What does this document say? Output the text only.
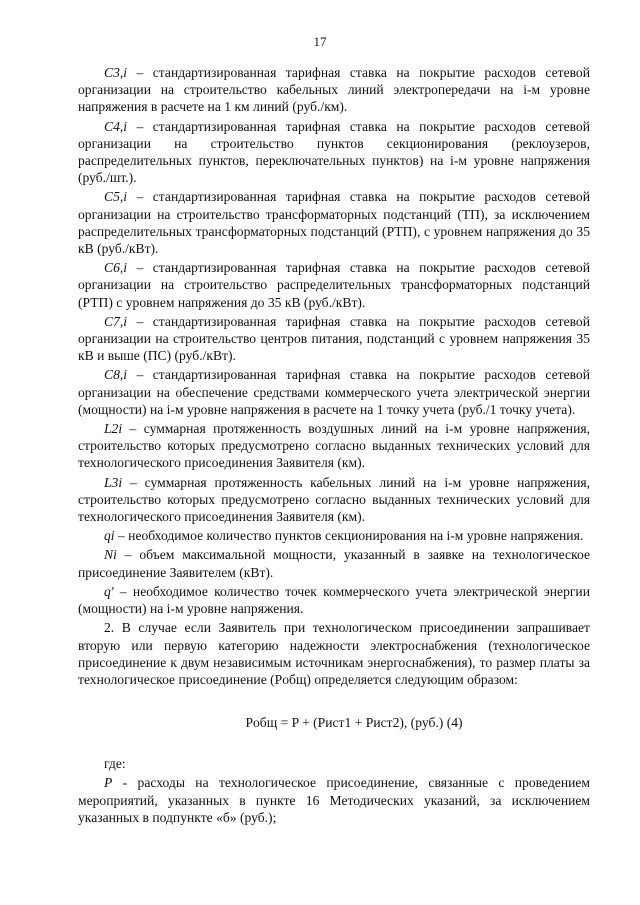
17

C3,i – стандартизированная тарифная ставка на покрытие расходов сетевой организации на строительство кабельных линий электропередачи на i-м уровне напряжения в расчете на 1 км линий (руб./км).

C4,i – стандартизированная тарифная ставка на покрытие расходов сетевой организации на строительство пунктов секционирования (реклоузеров, распределительных пунктов, переключательных пунктов) на i-м уровне напряжения (руб./шт.).

C5,i – стандартизированная тарифная ставка на покрытие расходов сетевой организации на строительство трансформаторных подстанций (ТП), за исключением распределительных трансформаторных подстанций (РТП), с уровнем напряжения до 35 кВ (руб./кВт).

C6,i – стандартизированная тарифная ставка на покрытие расходов сетевой организации на строительство распределительных трансформаторных подстанций (РТП) с уровнем напряжения до 35 кВ (руб./кВт).

C7,i – стандартизированная тарифная ставка на покрытие расходов сетевой организации на строительство центров питания, подстанций с уровнем напряжения 35 кВ и выше (ПС) (руб./кВт).

C8,i – стандартизированная тарифная ставка на покрытие расходов сетевой организации на обеспечение средствами коммерческого учета электрической энергии (мощности) на i-м уровне напряжения в расчете на 1 точку учета (руб./1 точку учета).

L2i – суммарная протяженность воздушных линий на i-м уровне напряжения, строительство которых предусмотрено согласно выданных технических условий для технологического присоединения Заявителя (км).

L3i – суммарная протяженность кабельных линий на i-м уровне напряжения, строительство которых предусмотрено согласно выданных технических условий для технологического присоединения Заявителя (км).

qi – необходимое количество пунктов секционирования на i-м уровне напряжения.

Ni – объем максимальной мощности, указанный в заявке на технологическое присоединение Заявителем (кВт).

q' – необходимое количество точек коммерческого учета электрической энергии (мощности) на i-м уровне напряжения.

2. В случае если Заявитель при технологическом присоединении запрашивает вторую или первую категорию надежности электроснабжения (технологическое присоединение к двум независимым источникам энергоснабжения), то размер платы за технологическое присоединение (Pобщ) определяется следующим образом:

Pобщ = P + (Pист1 + Pист2), (руб.) (4)

где:

P - расходы на технологическое присоединение, связанные с проведением мероприятий, указанных в пункте 16 Методических указаний, за исключением указанных в подпункте «б» (руб.);
